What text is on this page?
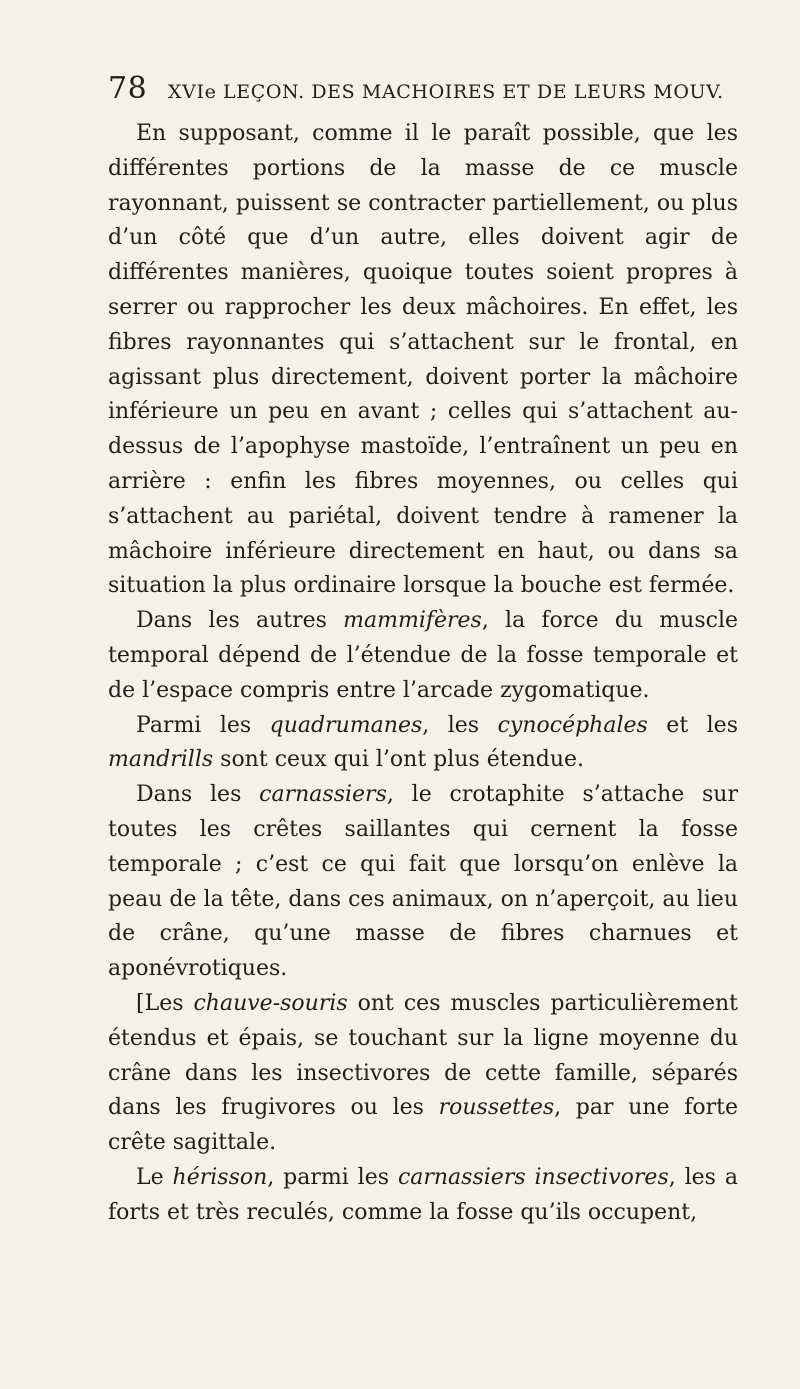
78 XVIe LEÇON. DES MACHOIRES ET DE LEURS MOUV.

En supposant, comme il le paraît possible, que les différentes portions de la masse de ce muscle rayonnant, puissent se contracter partiellement, ou plus d’un côté que d’un autre, elles doivent agir de différentes manières, quoique toutes soient propres à serrer ou rapprocher les deux mâchoires. En effet, les fibres rayonnantes qui s’attachent sur le frontal, en agissant plus directement, doivent porter la mâchoire inférieure un peu en avant ; celles qui s’attachent au-dessus de l’apophyse mastoïde, l’entraînent un peu en arrière : enfin les fibres moyennes, ou celles qui s’attachent au pariétal, doivent tendre à ramener la mâchoire inférieure directement en haut, ou dans sa situation la plus ordinaire lorsque la bouche est fermée.

Dans les autres mammifères, la force du muscle temporal dépend de l’étendue de la fosse temporale et de l’espace compris entre l’arcade zygomatique.

Parmi les quadrumanes, les cynocéphales et les mandrills sont ceux qui l’ont plus étendue.

Dans les carnassiers, le crotaphite s’attache sur toutes les crêtes saillantes qui cernent la fosse temporale ; c’est ce qui fait que lorsqu’on enlève la peau de la tête, dans ces animaux, on n’aperçoit, au lieu de crâne, qu’une masse de fibres charnues et aponévrotiques.

[Les chauve-souris ont ces muscles particulièrement étendus et épais, se touchant sur la ligne moyenne du crâne dans les insectivores de cette famille, séparés dans les frugivores ou les roussettes, par une forte crête sagittale.

Le hérisson, parmi les carnassiers insectivores, les a forts et très reculés, comme la fosse qu’ils occupent,
